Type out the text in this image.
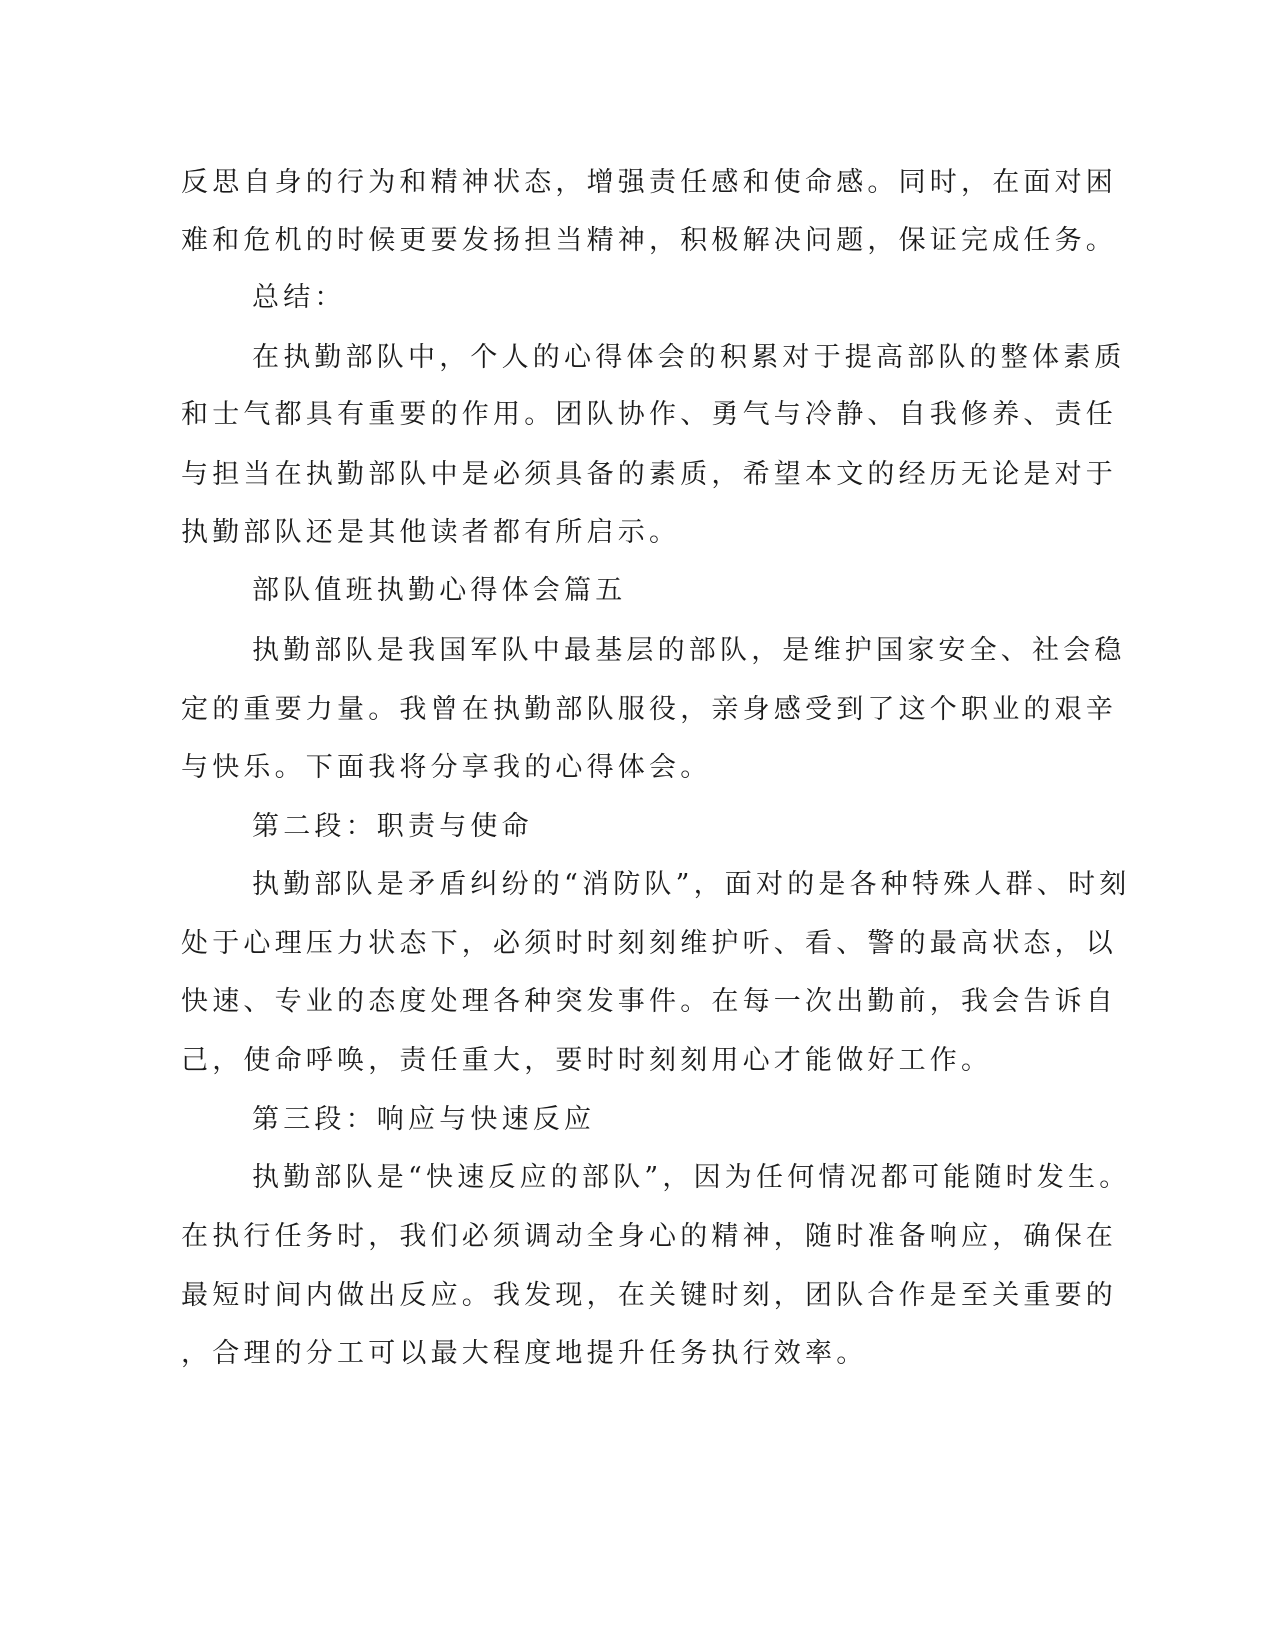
反思自身的行为和精神状态，增强责任感和使命感。同时，在面对困
难和危机的时候更要发扬担当精神，积极解决问题，保证完成任务。
总结：
在执勤部队中，个人的心得体会的积累对于提高部队的整体素质
和士气都具有重要的作用。团队协作、勇气与冷静、自我修养、责任
与担当在执勤部队中是必须具备的素质，希望本文的经历无论是对于
执勤部队还是其他读者都有所启示。
部队值班执勤心得体会篇五
执勤部队是我国军队中最基层的部队，是维护国家安全、社会稳
定的重要力量。我曾在执勤部队服役，亲身感受到了这个职业的艰辛
与快乐。下面我将分享我的心得体会。
第二段：职责与使命
执勤部队是矛盾纠纷的“消防队”，面对的是各种特殊人群、时刻
处于心理压力状态下，必须时时刻刻维护听、看、警的最高状态，以
快速、专业的态度处理各种突发事件。在每一次出勤前，我会告诉自
己，使命呼唤，责任重大，要时时刻刻用心才能做好工作。
第三段：响应与快速反应
执勤部队是“快速反应的部队”，因为任何情况都可能随时发生。
在执行任务时，我们必须调动全身心的精神，随时准备响应，确保在
最短时间内做出反应。我发现，在关键时刻，团队合作是至关重要的
，合理的分工可以最大程度地提升任务执行效率。
